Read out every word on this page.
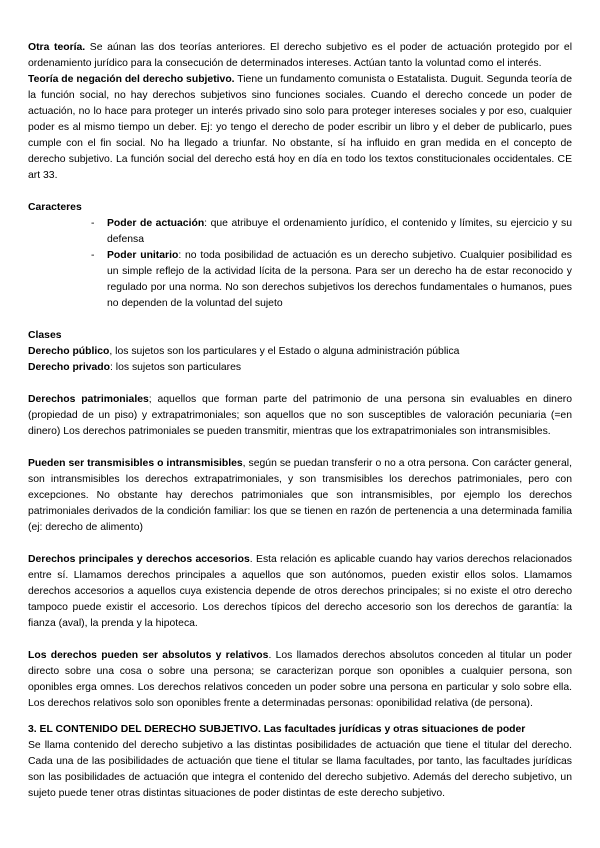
Otra teoría. Se aúnan las dos teorías anteriores. El derecho subjetivo es el poder de actuación protegido por el ordenamiento jurídico para la consecución de determinados intereses. Actúan tanto la voluntad como el interés.

Teoría de negación del derecho subjetivo. Tiene un fundamento comunista o Estatalista. Duguit. Segunda teoría de la función social, no hay derechos subjetivos sino funciones sociales. Cuando el derecho concede un poder de actuación, no lo hace para proteger un interés privado sino solo para proteger intereses sociales y por eso, cualquier poder es al mismo tiempo un deber. Ej: yo tengo el derecho de poder escribir un libro y el deber de publicarlo, pues cumple con el fin social. No ha llegado a triunfar. No obstante, sí ha influido en gran medida en el concepto de derecho subjetivo. La función social del derecho está hoy en día en todo los textos constitucionales occidentales. CE art 33.

Caracteres

- Poder de actuación: que atribuye el ordenamiento jurídico, el contenido y límites, su ejercicio y su defensa
- Poder unitario: no toda posibilidad de actuación es un derecho subjetivo. Cualquier posibilidad es un simple reflejo de la actividad lícita de la persona. Para ser un derecho ha de estar reconocido y regulado por una norma. No son derechos subjetivos los derechos fundamentales o humanos, pues no dependen de la voluntad del sujeto

Clases

Derecho público, los sujetos son los particulares y el Estado o alguna administración pública

Derecho privado: los sujetos son particulares

Derechos patrimoniales; aquellos que forman parte del patrimonio de una persona sin evaluables en dinero (propiedad de un piso) y extrapatrimoniales; son aquellos que no son susceptibles de valoración pecuniaria (=en dinero) Los derechos patrimoniales se pueden transmitir, mientras que los extrapatrimoniales son intransmisibles.

Pueden ser transmisibles o intransmisibles, según se puedan transferir o no a otra persona. Con carácter general, son intransmisibles los derechos extrapatrimoniales, y son transmisibles los derechos patrimoniales, pero con excepciones. No obstante hay derechos patrimoniales que son intransmisibles, por ejemplo los derechos patrimoniales derivados de la condición familiar: los que se tienen en razón de pertenencia a una determinada familia (ej: derecho de alimento)

Derechos principales y derechos accesorios. Esta relación es aplicable cuando hay varios derechos relacionados entre sí. Llamamos derechos principales a aquellos que son autónomos, pueden existir ellos solos. Llamamos derechos accesorios a aquellos cuya existencia depende de otros derechos principales; si no existe el otro derecho tampoco puede existir el accesorio. Los derechos típicos del derecho accesorio son los derechos de garantía: la fianza (aval), la prenda y la hipoteca.

Los derechos pueden ser absolutos y relativos. Los llamados derechos absolutos conceden al titular un poder directo sobre una cosa o sobre una persona; se caracterizan porque son oponibles a cualquier persona, son oponibles erga omnes. Los derechos relativos conceden un poder sobre una persona en particular y solo sobre ella. Los derechos relativos solo son oponibles frente a determinadas personas: oponibilidad relativa (de persona).

3. EL CONTENIDO DEL DERECHO SUBJETIVO. Las facultades jurídicas y otras situaciones de poder

Se llama contenido del derecho subjetivo a las distintas posibilidades de actuación que tiene el titular del derecho. Cada una de las posibilidades de actuación que tiene el titular se llama facultades, por tanto, las facultades jurídicas son las posibilidades de actuación que integra el contenido del derecho subjetivo. Además del derecho subjetivo, un sujeto puede tener otras distintas situaciones de poder distintas de este derecho subjetivo.
